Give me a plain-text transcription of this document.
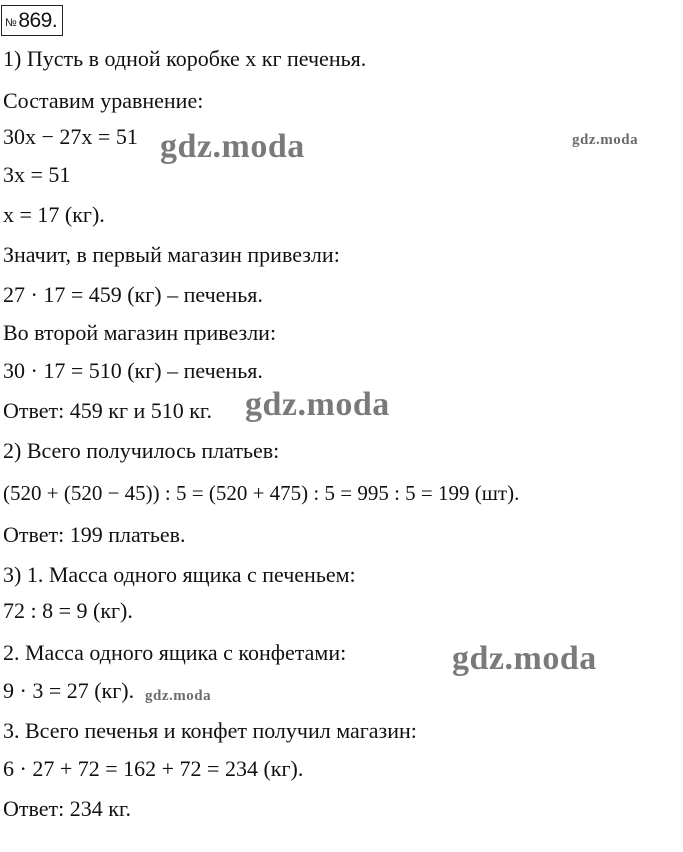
№ 869.
1) Пусть в одной коробке x кг печенья.
Составим уравнение:
30x − 27x = 51
3x = 51
x = 17 (кг).
Значит, в первый магазин привезли:
27 · 17 = 459 (кг) – печенья.
Во второй магазин привезли:
30 · 17 = 510 (кг) – печенья.
Ответ: 459 кг и 510 кг.
2) Всего получилось платьев:
(520 + (520 − 45)) : 5 = (520 + 475) : 5 = 995 : 5 = 199 (шт).
Ответ: 199 платьев.
3) 1. Масса одного ящика с печеньем:
72 : 8 = 9 (кг).
2. Масса одного ящика с конфетами:
9 · 3 = 27 (кг).
3. Всего печенья и конфет получил магазин:
6 · 27 + 72 = 162 + 72 = 234 (кг).
Ответ: 234 кг.
gdz.moda	gdz.moda
gdz.moda
gdz.moda
gdz.moda
